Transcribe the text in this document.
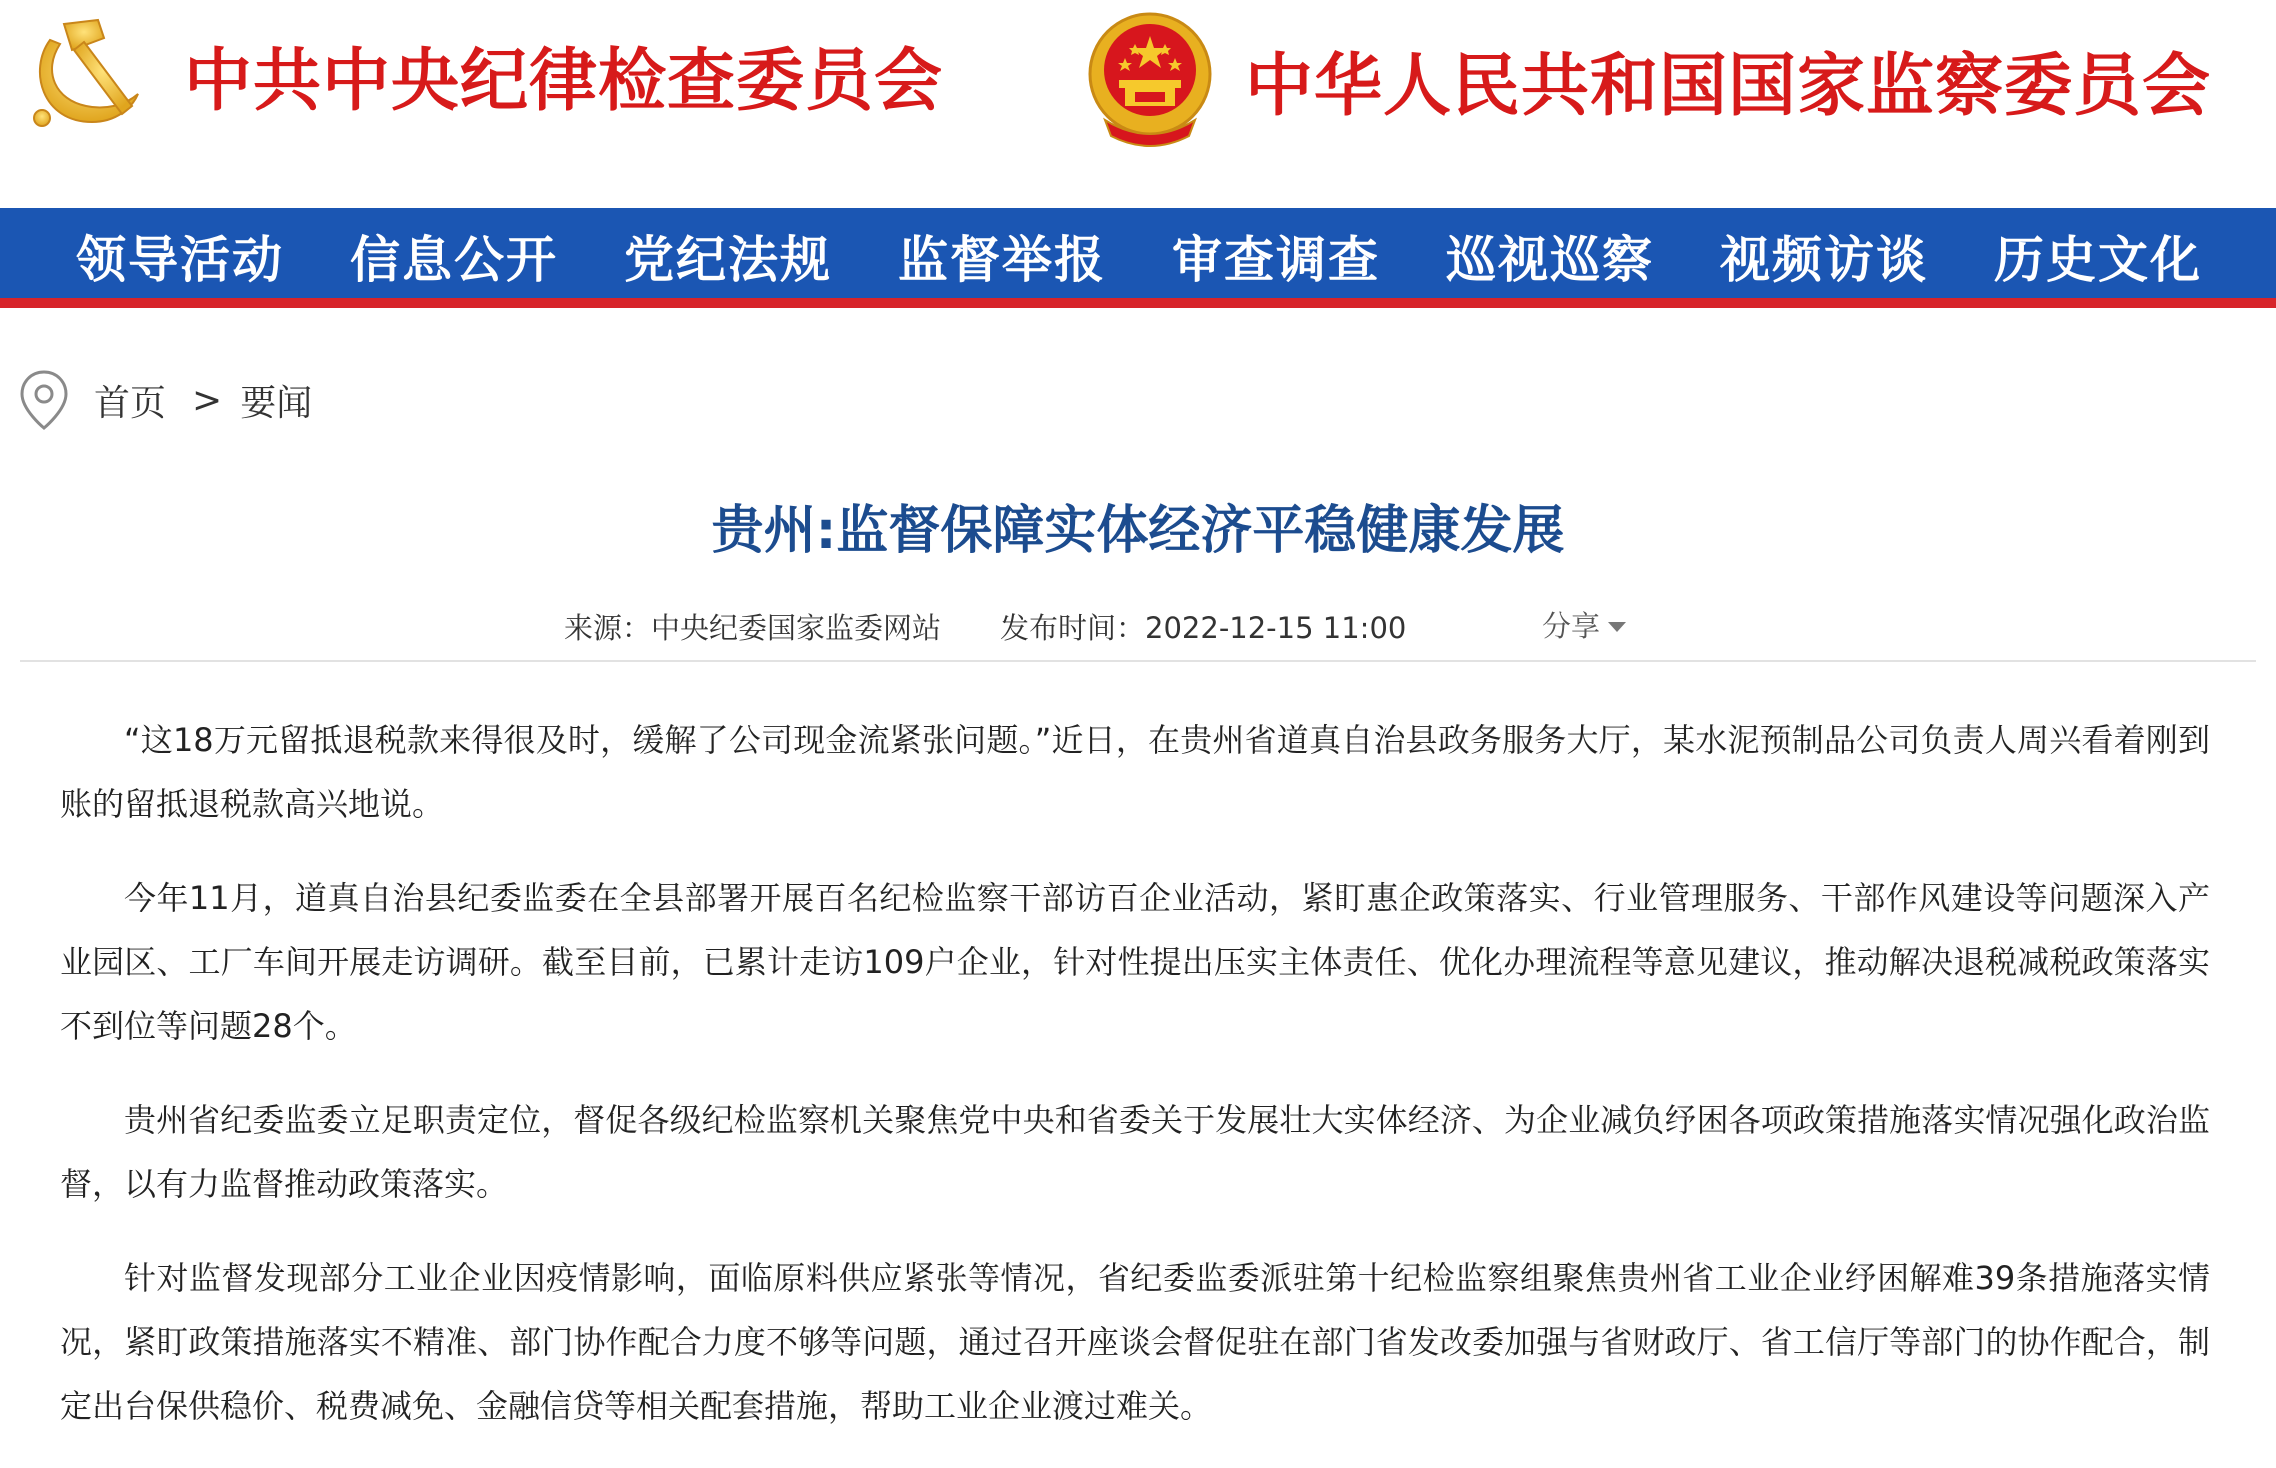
中共中央纪律检查委员会	中华人民共和国国家监察委员会
领导活动 信息公开 党纪法规 监督举报 审查调查 巡视巡察 视频访谈 历史文化
首页 > 要闻
贵州:监督保障实体经济平稳健康发展
来源：中央纪委国家监委网站 发布时间：2022-12-15 11:00	分享

“这18万元留抵退税款来得很及时，缓解了公司现金流紧张问题。”近日，在贵州省道真自治县政务服务大厅，某水泥预制品公司负责人周兴看着刚到账的留抵退税款高兴地说。

今年11月，道真自治县纪委监委在全县部署开展百名纪检监察干部访百企业活动，紧盯惠企政策落实、行业管理服务、干部作风建设等问题深入产业园区、工厂车间开展走访调研。截至目前，已累计走访109户企业，针对性提出压实主体责任、优化办理流程等意见建议，推动解决退税减税政策落实不到位等问题28个。

贵州省纪委监委立足职责定位，督促各级纪检监察机关聚焦党中央和省委关于发展壮大实体经济、为企业减负纾困各项政策措施落实情况强化政治监督，以有力监督推动政策落实。

针对监督发现部分工业企业因疫情影响，面临原料供应紧张等情况，省纪委监委派驻第十纪检监察组聚焦贵州省工业企业纾困解难39条措施落实情况，紧盯政策措施落实不精准、部门协作配合力度不够等问题，通过召开座谈会督促驻在部门省发改委加强与省财政厅、省工信厅等部门的协作配合，制定出台保供稳价、税费减免、金融信贷等相关配套措施，帮助工业企业渡过难关。
